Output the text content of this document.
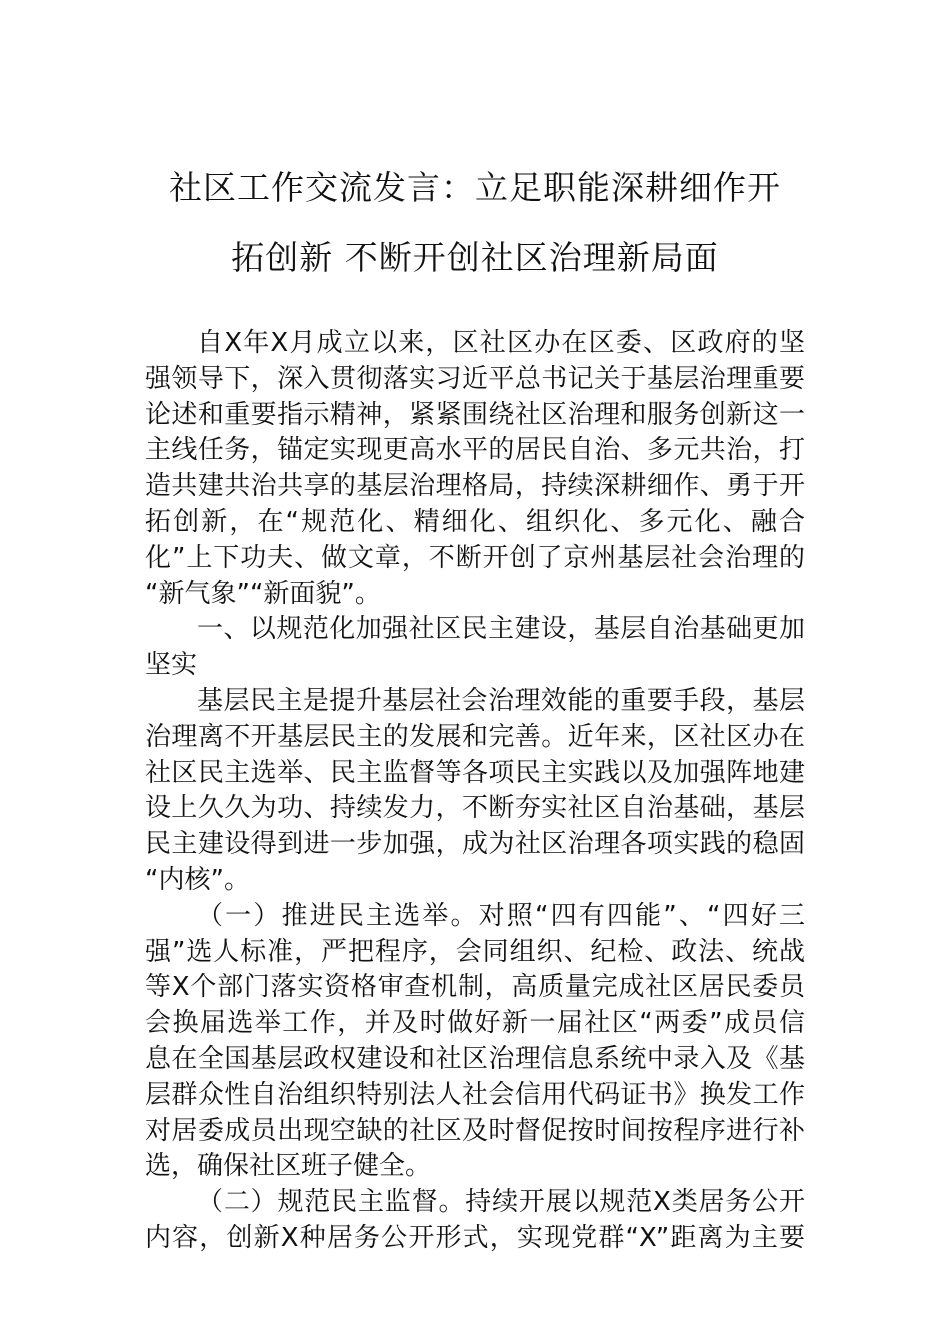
社区工作交流发言：立足职能深耕细作开
拓创新 不断开创社区治理新局面
自X年X月成立以来，区社区办在区委、区政府的坚
强领导下，深入贯彻落实习近平总书记关于基层治理重要
论述和重要指示精神，紧紧围绕社区治理和服务创新这一
主线任务，锚定实现更高水平的居民自治、多元共治，打
造共建共治共享的基层治理格局，持续深耕细作、勇于开
拓创新，在“规范化、精细化、组织化、多元化、融合
化”上下功夫、做文章，不断开创了京州基层社会治理的
“新气象”“新面貌”。
一、以规范化加强社区民主建设，基层自治基础更加
坚实
基层民主是提升基层社会治理效能的重要手段，基层
治理离不开基层民主的发展和完善。近年来，区社区办在
社区民主选举、民主监督等各项民主实践以及加强阵地建
设上久久为功、持续发力，不断夯实社区自治基础，基层
民主建设得到进一步加强，成为社区治理各项实践的稳固
“内核”。
（一）推进民主选举。对照“四有四能”、“四好三
强”选人标准，严把程序，会同组织、纪检、政法、统战
等X个部门落实资格审查机制，高质量完成社区居民委员
会换届选举工作，并及时做好新一届社区“两委”成员信
息在全国基层政权建设和社区治理信息系统中录入及《基
层群众性自治组织特别法人社会信用代码证书》换发工作
对居委成员出现空缺的社区及时督促按时间按程序进行补
选，确保社区班子健全。
（二）规范民主监督。持续开展以规范X类居务公开
内容，创新X种居务公开形式，实现党群“X”距离为主要
